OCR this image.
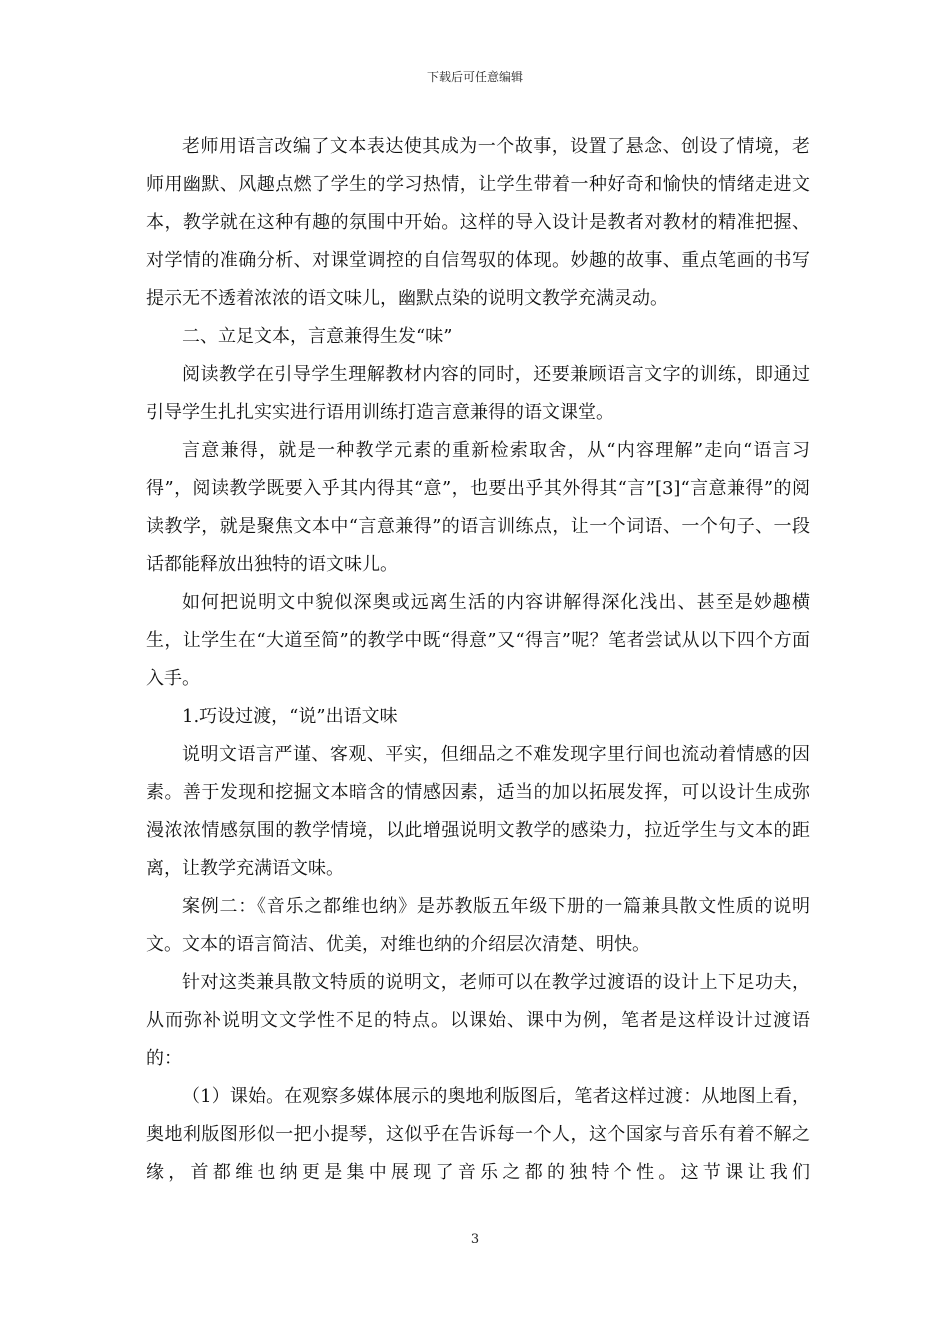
下载后可任意编辑

老师用语言改编了文本表达使其成为一个故事，设置了悬念、创设了情境，老师用幽默、风趣点燃了学生的学习热情，让学生带着一种好奇和愉快的情绪走进文本，教学就在这种有趣的氛围中开始。这样的导入设计是教者对教材的精准把握、对学情的准确分析、对课堂调控的自信驾驭的体现。妙趣的故事、重点笔画的书写提示无不透着浓浓的语文味儿，幽默点染的说明文教学充满灵动。

二、立足文本，言意兼得生发“味”

阅读教学在引导学生理解教材内容的同时，还要兼顾语言文字的训练，即通过引导学生扎扎实实进行语用训练打造言意兼得的语文课堂。

言意兼得，就是一种教学元素的重新检索取舍，从“内容理解”走向“语言习得”，阅读教学既要入乎其内得其“意”，也要出乎其外得其“言”[3]“言意兼得”的阅读教学，就是聚焦文本中“言意兼得”的语言训练点，让一个词语、一个句子、一段话都能释放出独特的语文味儿。

如何把说明文中貌似深奥或远离生活的内容讲解得深化浅出、甚至是妙趣横生，让学生在“大道至简”的教学中既“得意”又“得言”呢？笔者尝试从以下四个方面入手。

1.巧设过渡，“说”出语文味

说明文语言严谨、客观、平实，但细品之不难发现字里行间也流动着情感的因素。善于发现和挖掘文本暗含的情感因素，适当的加以拓展发挥，可以设计生成弥漫浓浓情感氛围的教学情境，以此增强说明文教学的感染力，拉近学生与文本的距离，让教学充满语文味。

案例二：《音乐之都维也纳》是苏教版五年级下册的一篇兼具散文性质的说明文。文本的语言简洁、优美，对维也纳的介绍层次清楚、明快。

针对这类兼具散文特质的说明文，老师可以在教学过渡语的设计上下足功夫，从而弥补说明文文学性不足的特点。以课始、课中为例，笔者是这样设计过渡语的：

（1）课始。在观察多媒体展示的奥地利版图后，笔者这样过渡：从地图上看，奥地利版图形似一把小提琴，这似乎在告诉每一个人，这个国家与音乐有着不解之缘，首都维也纳更是集中展现了音乐之都的独特个性。这节课让我们

3
